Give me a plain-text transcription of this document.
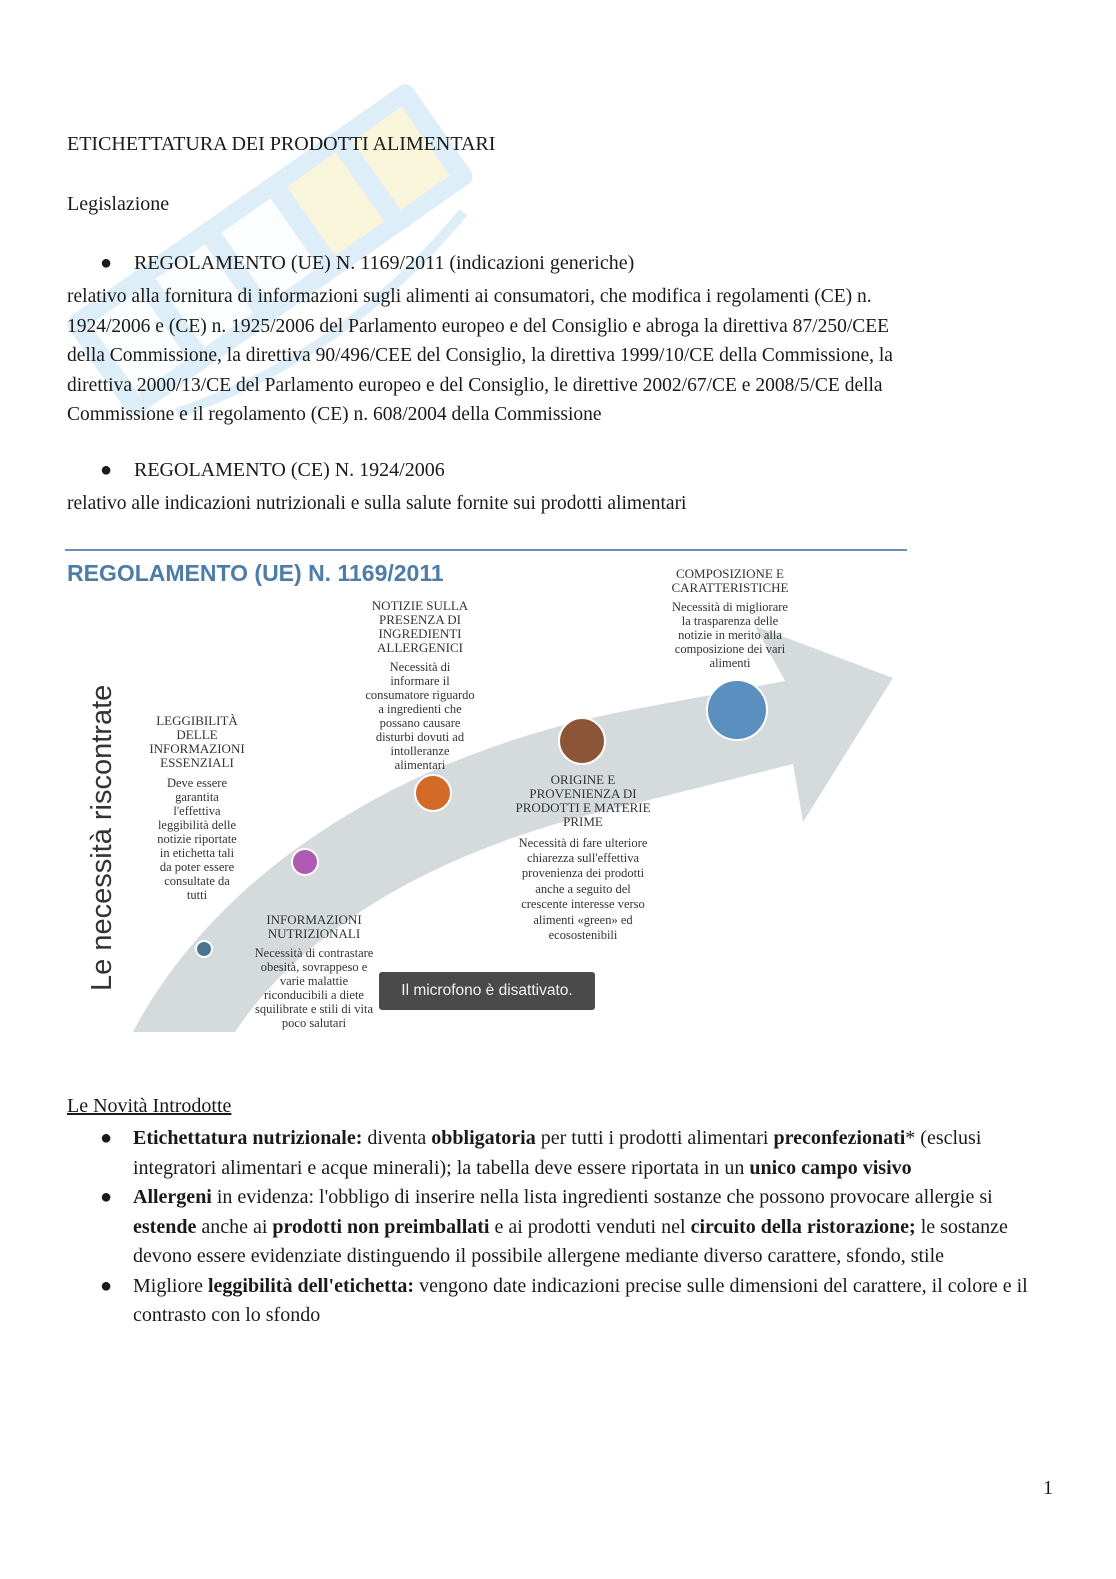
ETICHETTATURA DEI PRODOTTI ALIMENTARI
Legislazione
● REGOLAMENTO (UE) N. 1169/2011 (indicazioni generiche)
relativo alla fornitura di informazioni sugli alimenti ai consumatori, che modifica i regolamenti (CE) n.
1924/2006 e (CE) n. 1925/2006 del Parlamento europeo e del Consiglio e abroga la direttiva 87/250/CEE
della Commissione, la direttiva 90/496/CEE del Consiglio, la direttiva 1999/10/CE della Commissione, la
direttiva 2000/13/CE del Parlamento europeo e del Consiglio, le direttive 2002/67/CE e 2008/5/CE della
Commissione e il regolamento (CE) n. 608/2004 della Commissione
● REGOLAMENTO (CE) N. 1924/2006
relativo alle indicazioni nutrizionali e sulla salute fornite sui prodotti alimentari
REGOLAMENTO (UE) N. 1169/2011
Le necessità riscontrate
COMPOSIZIONE E
CARATTERISTICHE
Necessità di migliorare
la trasparenza delle
notizie in merito alla
composizione dei vari
alimenti
NOTIZIE SULLA
PRESENZA DI
INGREDIENTI
ALLERGENICI
Necessità di
informare il
consumatore riguardo
a ingredienti che
possano causare
disturbi dovuti ad
intolleranze
alimentari
LEGGIBILITÀ
DELLE
INFORMAZIONI
ESSENZIALI
Deve essere
garantita
l'effettiva
leggibilità delle
notizie riportate
in etichetta tali
da poter essere
consultate da
tutti
ORIGINE E
PROVENIENZA DI
PRODOTTI E MATERIE
PRIME
Necessità di fare ulteriore
chiarezza sull'effettiva
provenienza dei prodotti
anche a seguito del
crescente interesse verso
alimenti «green» ed
ecosostenibili
INFORMAZIONI
NUTRIZIONALI
Necessità di contrastare
obesità, sovrappeso e
varie malattie
riconducibili a diete
squilibrate e stili di vita
poco salutari
Il microfono è disattivato.
Le Novità Introdotte
● Etichettatura nutrizionale: diventa obbligatoria per tutti i prodotti alimentari preconfezionati* (esclusi integratori alimentari e acque minerali); la tabella deve essere riportata in un unico campo visivo
● Allergeni in evidenza: l'obbligo di inserire nella lista ingredienti sostanze che possono provocare allergie si estende anche ai prodotti non preimballati e ai prodotti venduti nel circuito della ristorazione; le sostanze devono essere evidenziate distinguendo il possibile allergene mediante diverso carattere, sfondo, stile
● Migliore leggibilità dell'etichetta: vengono date indicazioni precise sulle dimensioni del carattere, il colore e il contrasto con lo sfondo
1
